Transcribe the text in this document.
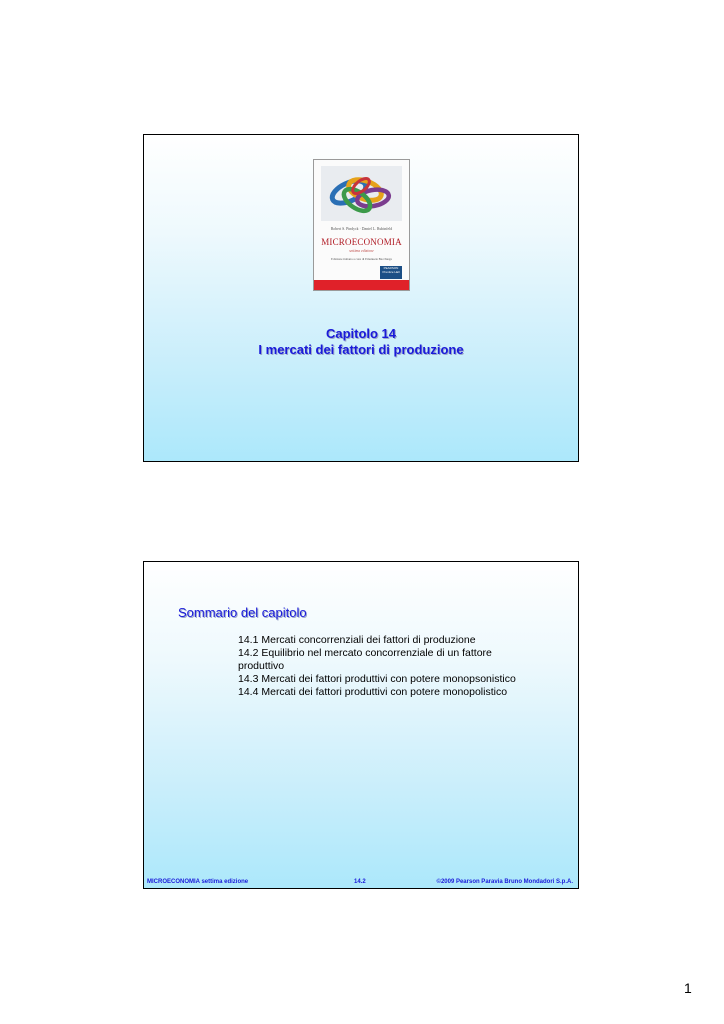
Robert S. Pindyck · Daniel L. Rubinfeld
MICROECONOMIA
settima edizione
Edizione italiana a cura di Emanuele Bacchiega
PEARSON Prentice Hall
Capitolo 14
I mercati dei fattori di produzione
Sommario del capitolo
14.1 Mercati concorrenziali dei fattori di produzione
14.2 Equilibrio nel mercato concorrenziale di un fattore produttivo
14.3 Mercati dei fattori produttivi con potere monopsonistico
14.4 Mercati dei fattori produttivi con potere monopolistico
MICROECONOMIA settima edizione	14.2	©2009 Pearson Paravia Bruno Mondadori S.p.A.
1
